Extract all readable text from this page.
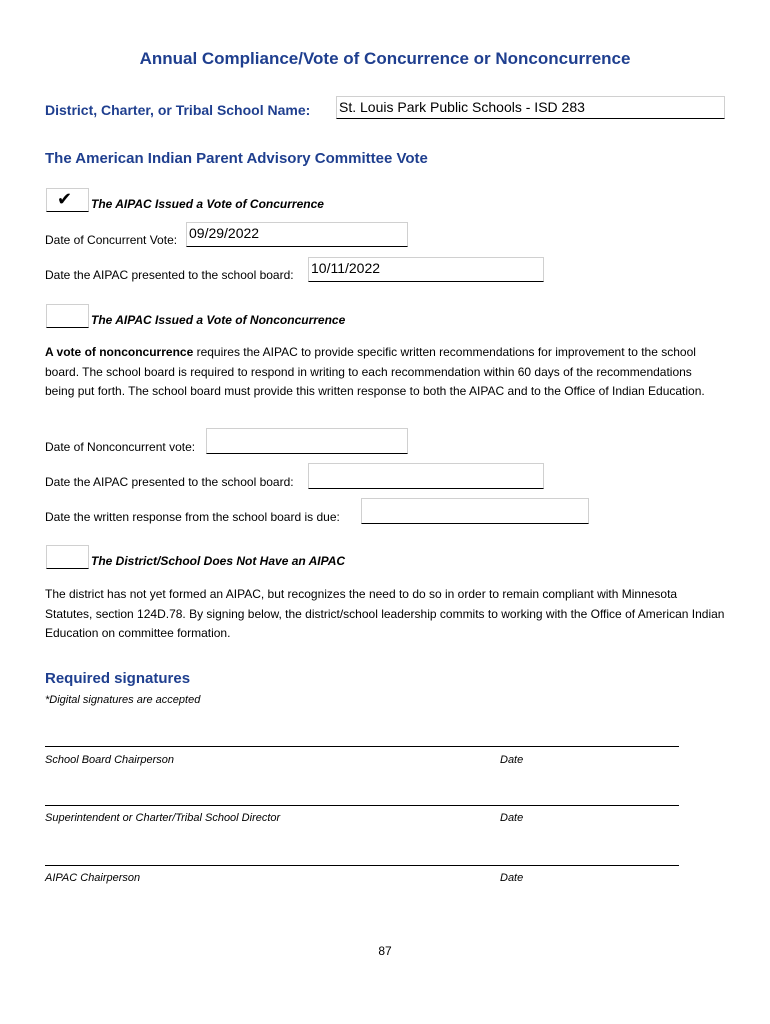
Annual Compliance/Vote of Concurrence or Nonconcurrence
District, Charter, or Tribal School Name: St. Louis Park Public Schools - ISD 283
The American Indian Parent Advisory Committee Vote
✔	The AIPAC Issued a Vote of Concurrence
Date of Concurrent Vote: 09/29/2022
Date the AIPAC presented to the school board: 10/11/2022
The AIPAC Issued a Vote of Nonconcurrence
A vote of nonconcurrence requires the AIPAC to provide specific written recommendations for improvement to the school board. The school board is required to respond in writing to each recommendation within 60 days of the recommendations being put forth. The school board must provide this written response to both the AIPAC and to the Office of Indian Education.
Date of Nonconcurrent vote:
Date the AIPAC presented to the school board:
Date the written response from the school board is due:
The District/School Does Not Have an AIPAC
The district has not yet formed an AIPAC, but recognizes the need to do so in order to remain compliant with Minnesota Statutes, section 124D.78. By signing below, the district/school leadership commits to working with the Office of American Indian Education on committee formation.
Required signatures
*Digital signatures are accepted
School Board Chairperson	Date
Superintendent or Charter/Tribal School Director	Date
AIPAC Chairperson	Date
87
